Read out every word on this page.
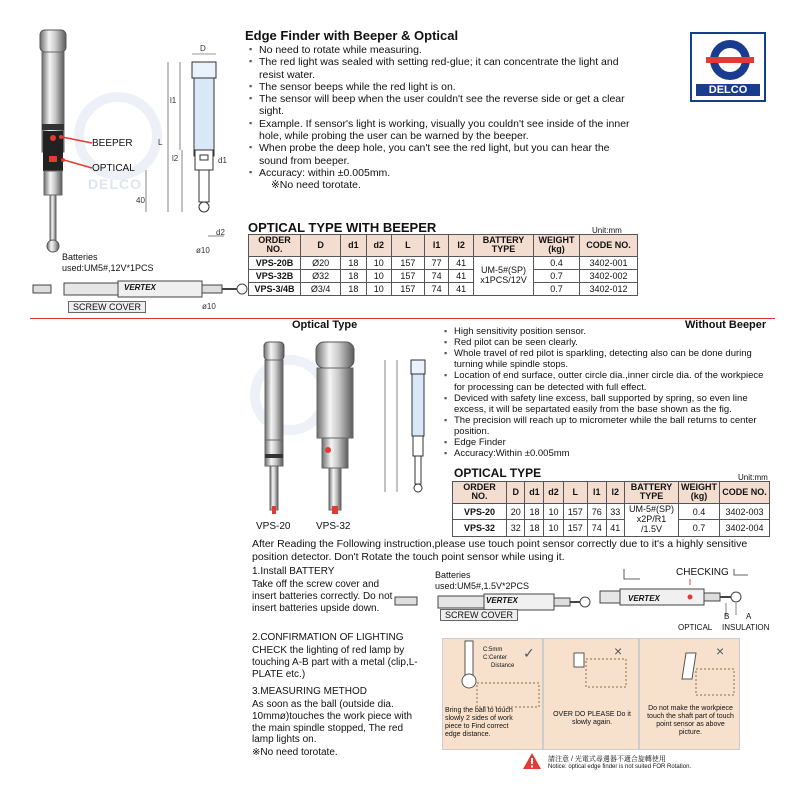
DELCO
BEEPER
OPTICAL
D
l1
L
l2	d1
40
d2
ø10
Edge Finder with Beeper & Optical
▪ No need to rotate while measuring.
▪ The red light was sealed with setting red-glue; it can concentrate the light and resist water.
▪ The sensor beeps while the red light is on.
▪ The sensor will beep when the user couldn't see the reverse side or get a clear sight.
▪ Example. If sensor's light is working, visually you couldn't see inside of the inner hole, while probing the user can be warned by the beeper.
▪ When probe the deep hole, you can't see the red light, but you can hear the sound from beeper.
▪ Accuracy: within ±0.005mm.
※No need torotate.
DELCO
Batteries used:UM5#,12V*1PCS
VERTEX
SCREW COVER	ø10
OPTICAL TYPE WITH BEEPER	Unit:mm
ORDER NO.	D	d1	d2	L	l1	l2	BATTERY TYPE	WEIGHT (kg)	CODE NO.
VPS-20B	Ø20	18	10	157	77	41	UM-5#(SP) x1PCS/12V	0.4	3402-001
VPS-32B	Ø32	18	10	157	74	41		0.7	3402-002
VPS-3/4B	Ø3/4	18	10	157	74	41		0.7	3402-012
Optical Type	Without Beeper
VPS-20	VPS-32
▪ High sensitivity position sensor.
▪ Red pilot can be seen clearly.
▪ Whole travel of red pilot is sparkling, detecting also can be done during turning while spindle stops.
▪ Location of end surface, outter circle dia.,inner circle dia. of the workpiece for processing can be detected with full effect.
▪ Deviced with safety line excess, ball supported by spring, so even line excess, it will be separtated easily from the base shown as the fig.
▪ The precision will reach up to micrometer while the ball returns to center position.
▪ Edge Finder
▪ Accuracy:Within ±0.005mm
OPTICAL TYPE	Unit:mm
ORDER NO.	D	d1	d2	L	l1	l2	BATTERY TYPE	WEIGHT (kg)	CODE NO.
VPS-20	20	18	10	157	76	33	UM-5#(SP) x2P/R1 /1.5V	0.4	3402-003
VPS-32	32	18	10	157	74	41		0.7	3402-004
After Reading the Following instruction,please use touch point sensor correctly due to it's a highly sensitive position detector. Don't Rotate the touch point sensor while using it.
1.Install BATTERY
Take off the screw cover and insert batteries correctly. Do not insert batteries upside down.
2.CONFIRMATION OF LIGHTING
CHECK the lighting of red lamp by touching A-B part with a metal (clip,L-PLATE etc.)
3.MEASURING METHOD
As soon as the ball (outside dia. 10mmø)touches the work piece with the main spindle stopped, The red lamp lights on.
※No need torotate.
Batteries used:UM5#,1.5V*2PCS
VERTEX
SCREW COVER
CHECKING
VERTEX
B A
OPTICAL INSULATION
C:5mm
C:Center
Distance
✓
Bring the ball to touch slowly 2 sides of work piece to Find correct edge distance.
×
OVER DO PLEASE Do it slowly again.
×
Do not make the workpiece touch the shaft part of touch point sensor as above picture.
請注意 / 光電式尋邊器不適合旋轉使用
Notice: optical edge finder is not suited FOR Rotation.
